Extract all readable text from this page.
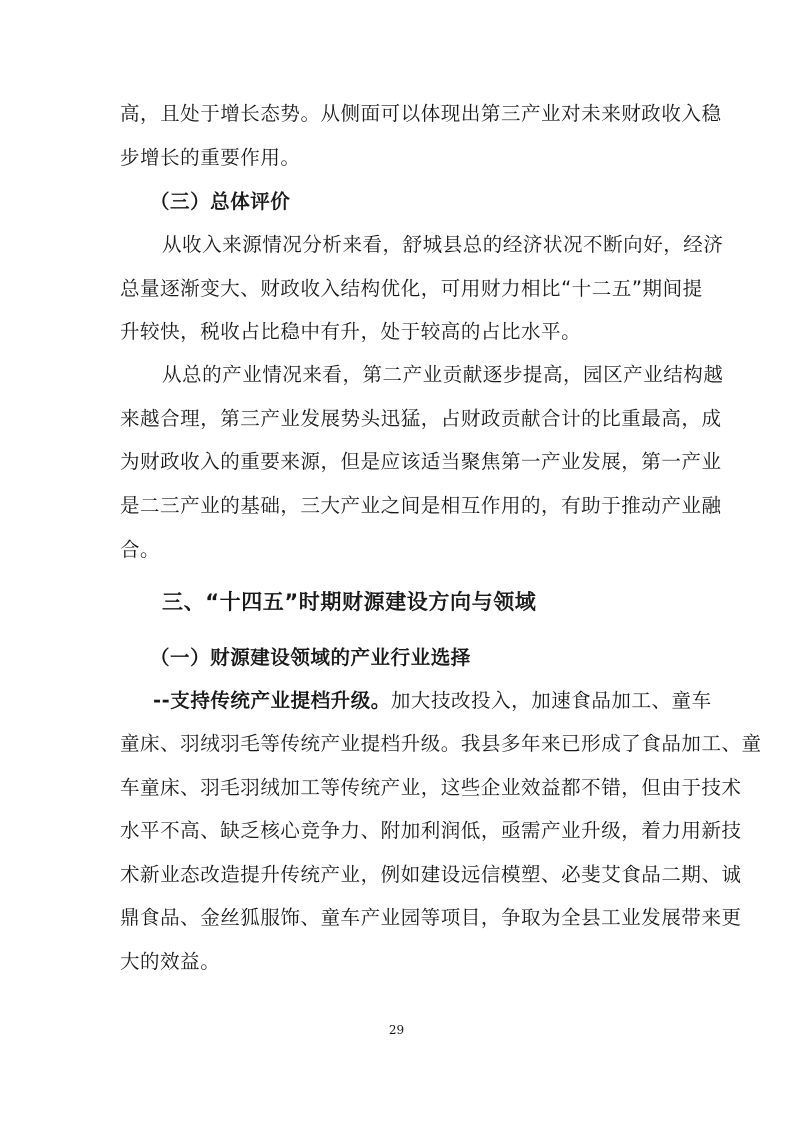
高，且处于增长态势。从侧面可以体现出第三产业对未来财政收入稳
步增长的重要作用。
（三）总体评价
从收入来源情况分析来看，舒城县总的经济状况不断向好，经济
总量逐渐变大、财政收入结构优化，可用财力相比“十二五”期间提
升较快，税收占比稳中有升，处于较高的占比水平。
从总的产业情况来看，第二产业贡献逐步提高，园区产业结构越
来越合理，第三产业发展势头迅猛，占财政贡献合计的比重最高，成
为财政收入的重要来源，但是应该适当聚焦第一产业发展，第一产业
是二三产业的基础，三大产业之间是相互作用的，有助于推动产业融
合。
三、“十四五”时期财源建设方向与领域
（一）财源建设领域的产业行业选择
--支持传统产业提档升级。加大技改投入，加速食品加工、童车
童床、羽绒羽毛等传统产业提档升级。我县多年来已形成了食品加工、童
车童床、羽毛羽绒加工等传统产业，这些企业效益都不错，但由于技术
水平不高、缺乏核心竞争力、附加利润低，亟需产业升级，着力用新技
术新业态改造提升传统产业，例如建设远信模塑、必斐艾食品二期、诚
鼎食品、金丝狐服饰、童车产业园等项目，争取为全县工业发展带来更
大的效益。
29
